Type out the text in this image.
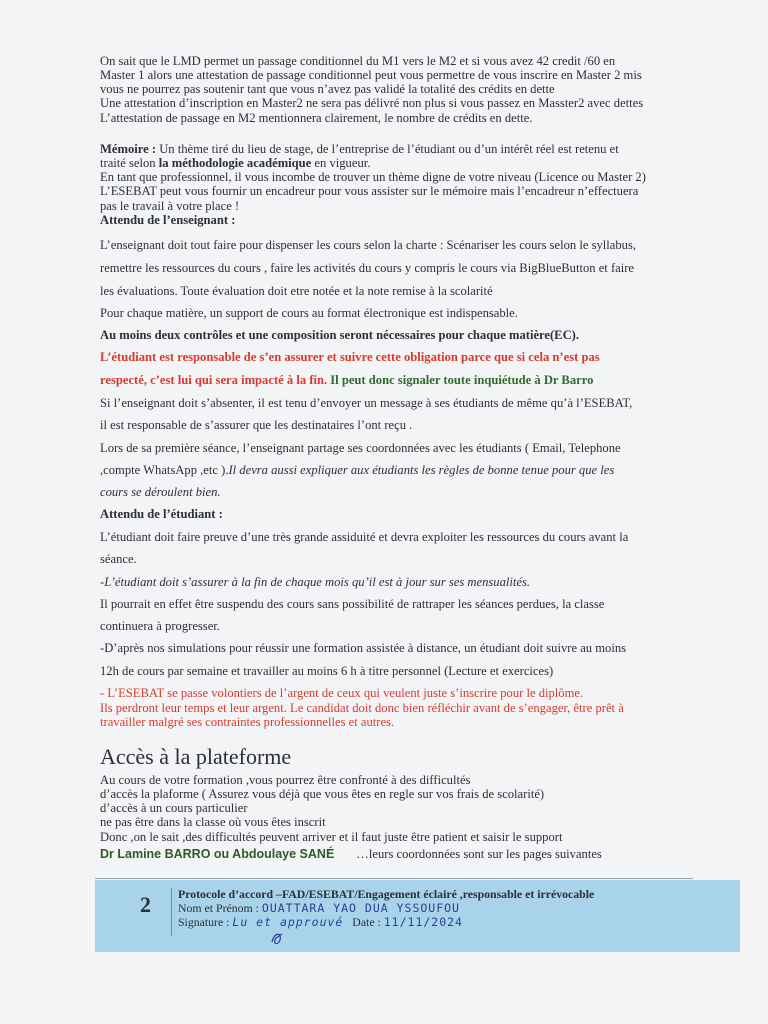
On sait que le LMD permet un passage conditionnel du M1 vers le M2 et si vous avez 42 credit /60 en

Master 1 alors une attestation de passage conditionnel peut vous permettre de vous inscrire en Master 2 mis

vous ne pourrez pas soutenir tant que vous n’avez pas validé la totalité des crédits en dette

Une attestation d’inscription en Master2 ne sera pas délivré non plus si vous passez en Masster2 avec dettes

L’attestation de passage en M2 mentionnera clairement, le nombre de crédits en dette.

Mémoire : Un thème tiré du lieu de stage, de l’entreprise de l’étudiant ou d’un intérêt réel est retenu et

traité selon la méthodologie académique en vigueur.

En tant que professionnel, il vous incombe de trouver un thème digne de votre niveau (Licence ou Master 2)

L’ESEBAT peut vous fournir un encadreur pour vous assister sur le mémoire mais l’encadreur n’effectuera

pas le travail à votre place !

Attendu de l’enseignant :

L’enseignant doit tout faire pour dispenser les cours selon la charte : Scénariser les cours selon le syllabus,

remettre les ressources du cours , faire les activités du cours y compris le cours via BigBlueButton et faire

les évaluations. Toute évaluation doit etre notée et la note remise à la scolarité

Pour chaque matière, un support de cours au format électronique est indispensable.

Au moins deux contrôles et une composition seront nécessaires pour chaque matière(EC).

L’étudiant est responsable de s’en assurer et suivre cette obligation parce que si cela n’est pas

respecté, c’est lui qui sera impacté à la fin. Il peut donc signaler toute inquiétude à Dr Barro

Si l’enseignant doit s’absenter, il est tenu d’envoyer un message à ses étudiants de même qu’à l’ESEBAT,

il est responsable de s’assurer que les destinataires l’ont reçu .

Lors de sa première séance, l’enseignant partage ses coordonnées avec les étudiants ( Email, Telephone

,compte WhatsApp ,etc ).Il devra aussi expliquer aux étudiants les règles de bonne tenue pour que les

cours se déroulent bien.

Attendu de l’étudiant :

L’étudiant doit faire preuve d’une très grande assiduité et devra exploiter les ressources du cours avant la

séance.

-L’étudiant doit s’assurer à la fin de chaque mois qu’il est à jour sur ses mensualités.

Il pourrait en effet être suspendu des cours sans possibilité de rattraper les séances perdues, la classe

continuera à progresser.

-D’après nos simulations pour réussir une formation assistée à distance, un étudiant doit suivre au moins

12h de cours par semaine et travailler au moins 6 h à titre personnel (Lecture et exercices)

- L’ESEBAT se passe volontiers de l’argent de ceux qui veulent juste s’inscrire pour le diplôme.

Ils perdront leur temps et leur argent. Le candidat doit donc bien réfléchir avant de s’engager, être prêt à

travailler malgré ses contraintes professionnelles et autres.

Accès à la plateforme

Au cours de votre formation ,vous pourrez être confronté à des difficultés

d’accès la plaforme ( Assurez vous déjà que vous êtes en regle sur vos frais de scolarité)

d’accès à un cours particulier

ne pas être dans la classe où vous êtes inscrit

Donc ,on le sait ,des difficultés peuvent arriver et il faut juste être patient et saisir le support

Dr Lamine BARRO ou Abdoulaye SANÉ …leurs coordonnées sont sur les pages suivantes

2 Protocole d’accord –FAD/ESEBAT/Engagement éclairé ,responsable et irrévocable

Nom et Prénom : OUATTARA YAO DUA YSSOUFOU

Signature : Lu et approuvé Date : 11/11/2024
